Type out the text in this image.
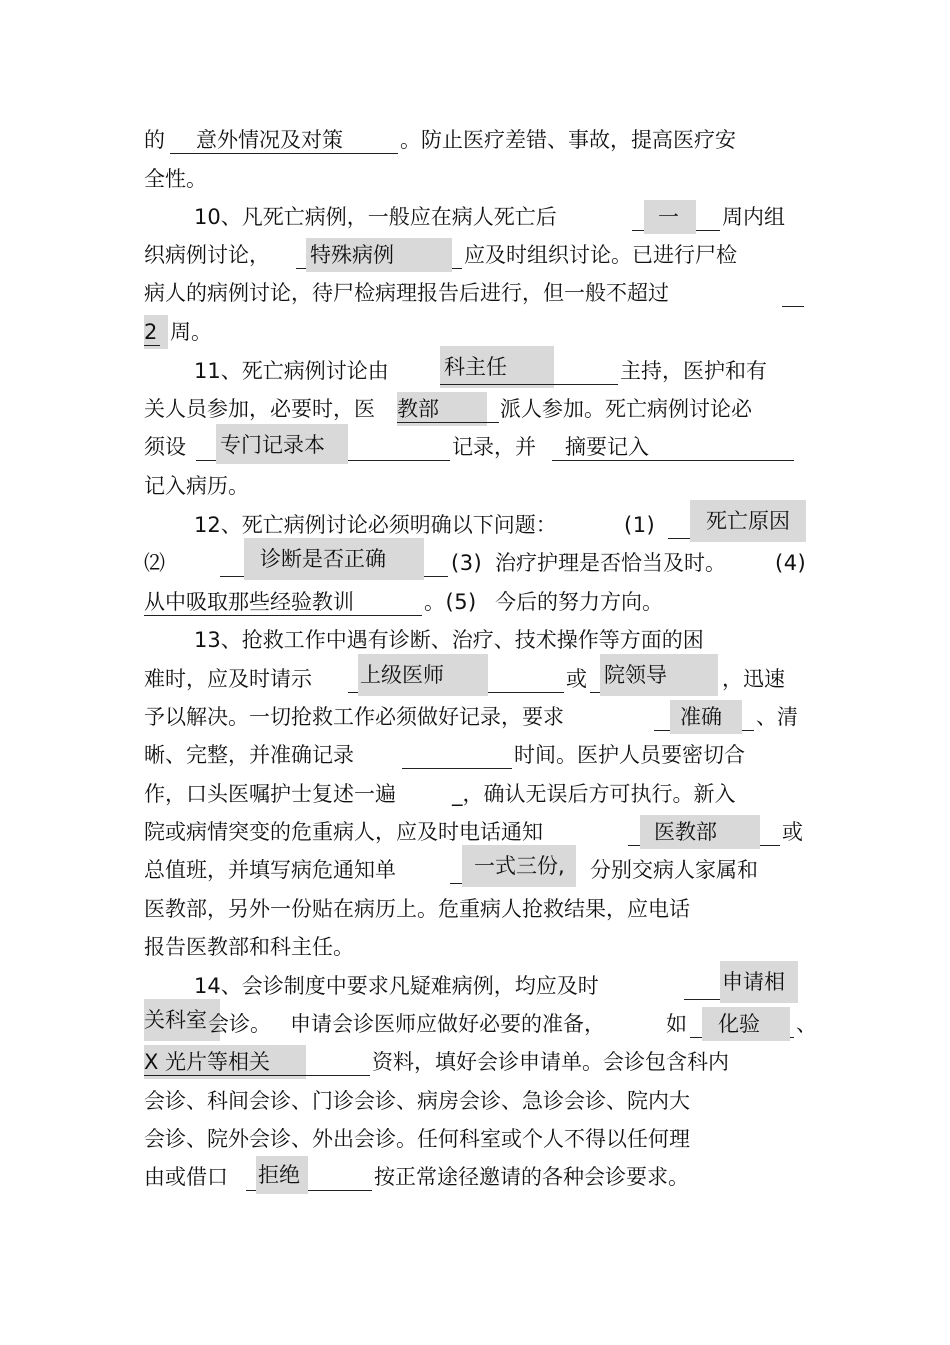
的 意外情况及对策	。防止医疗差错、事故，提高医疗安
全性。
10、凡死亡病例，一般应在病人死亡后	一 周内组
织病例讨论， 特殊病例	应及时组织讨论。已进行尸检
病人的病例讨论，待尸检病理报告后进行，但一般不超过
2 周。
11、死亡病例讨论由	科主任	主持，医护和有
关人员参加，必要时，医 教部	派人参加。死亡病例讨论必
须设 专门记录本	记录，并 摘要记入
记入病历。
12、死亡病例讨论必须明确以下问题：	(1) 死亡原因
⑵	诊断是否正确	(3) 治疗护理是否恰当及时。 (4)
从中吸取那些经验教训	。(5) 今后的努力方向。
13、抢救工作中遇有诊断、治疗、技术操作等方面的困
难时，应及时请示 上级医师	或 院领导	，迅速
予以解决。一切抢救工作必须做好记录，要求	准确 、清
晰、完整，并准确记录	时间。医护人员要密切合
作，口头医嘱护士复述一遍	_，确认无误后方可执行。新入
院或病情突变的危重病人，应及时电话通知	医教部	或
总值班，并填写病危通知单	一式三份, 分别交病人家属和
医教部，另外一份贴在病历上。危重病人抢救结果，应电话
报告医教部和科主任。
14、会诊制度中要求凡疑难病例，均应及时	申请相
关科室 会诊。 申请会诊医师应做好必要的准备，	如 化验 、
X 光片等相关	资料，填好会诊申请单。会诊包含科内
会诊、科间会诊、门诊会诊、病房会诊、急诊会诊、院内大
会诊、院外会诊、外出会诊。任何科室或个人不得以任何理
由或借口 拒绝	按正常途径邀请的各种会诊要求。
